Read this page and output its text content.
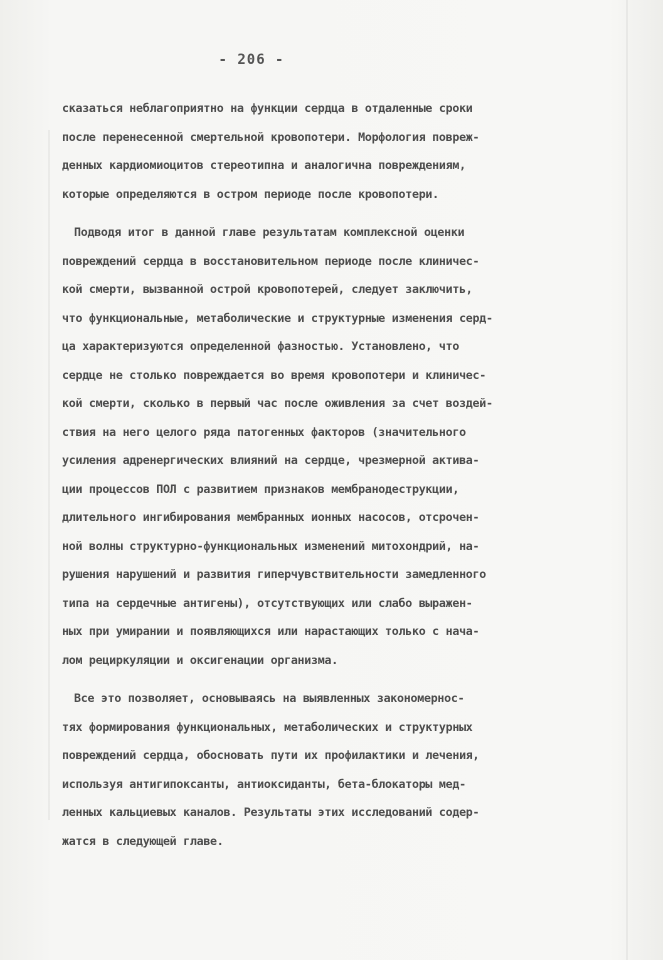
- 206 -
сказаться неблагоприятно на функции сердца в отдаленные сроки
после перенесенной смертельной кровопотери. Морфология повреж-
денных кардиомиоцитов стереотипна и аналогична повреждениям,
которые определяются в остром периоде после кровопотери.
Подводя итог в данной главе результатам комплексной оценки
повреждений сердца в восстановительном периоде после клиничес-
кой смерти, вызванной острой кровопотерей, следует заключить,
что функциональные, метаболические и структурные изменения серд-
ца характеризуются определенной фазностью. Установлено, что
сердце не столько повреждается во время кровопотери и клиничес-
кой смерти, сколько в первый час после оживления за счет воздей-
ствия на него целого ряда патогенных факторов (значительного
усиления адренергических влияний на сердце, чрезмерной актива-
ции процессов ПОЛ с развитием признаков мембранодеструкции,
длительного ингибирования мембранных ионных насосов, отсрочен-
ной волны структурно-функциональных изменений митохондрий, на-
рушения нарушений и развития гиперчувствительности замедленного
типа на сердечные антигены), отсутствующих или слабо выражен-
ных при умирании и появляющихся или нарастающих только с нача-
лом рециркуляции и оксигенации организма.
Все это позволяет, основываясь на выявленных закономернос-
тях формирования функциональных, метаболических и структурных
повреждений сердца, обосновать пути их профилактики и лечения,
используя антигипоксанты, антиоксиданты, бета-блокаторы мед-
ленных кальциевых каналов. Результаты этих исследований содер-
жатся в следующей главе.
